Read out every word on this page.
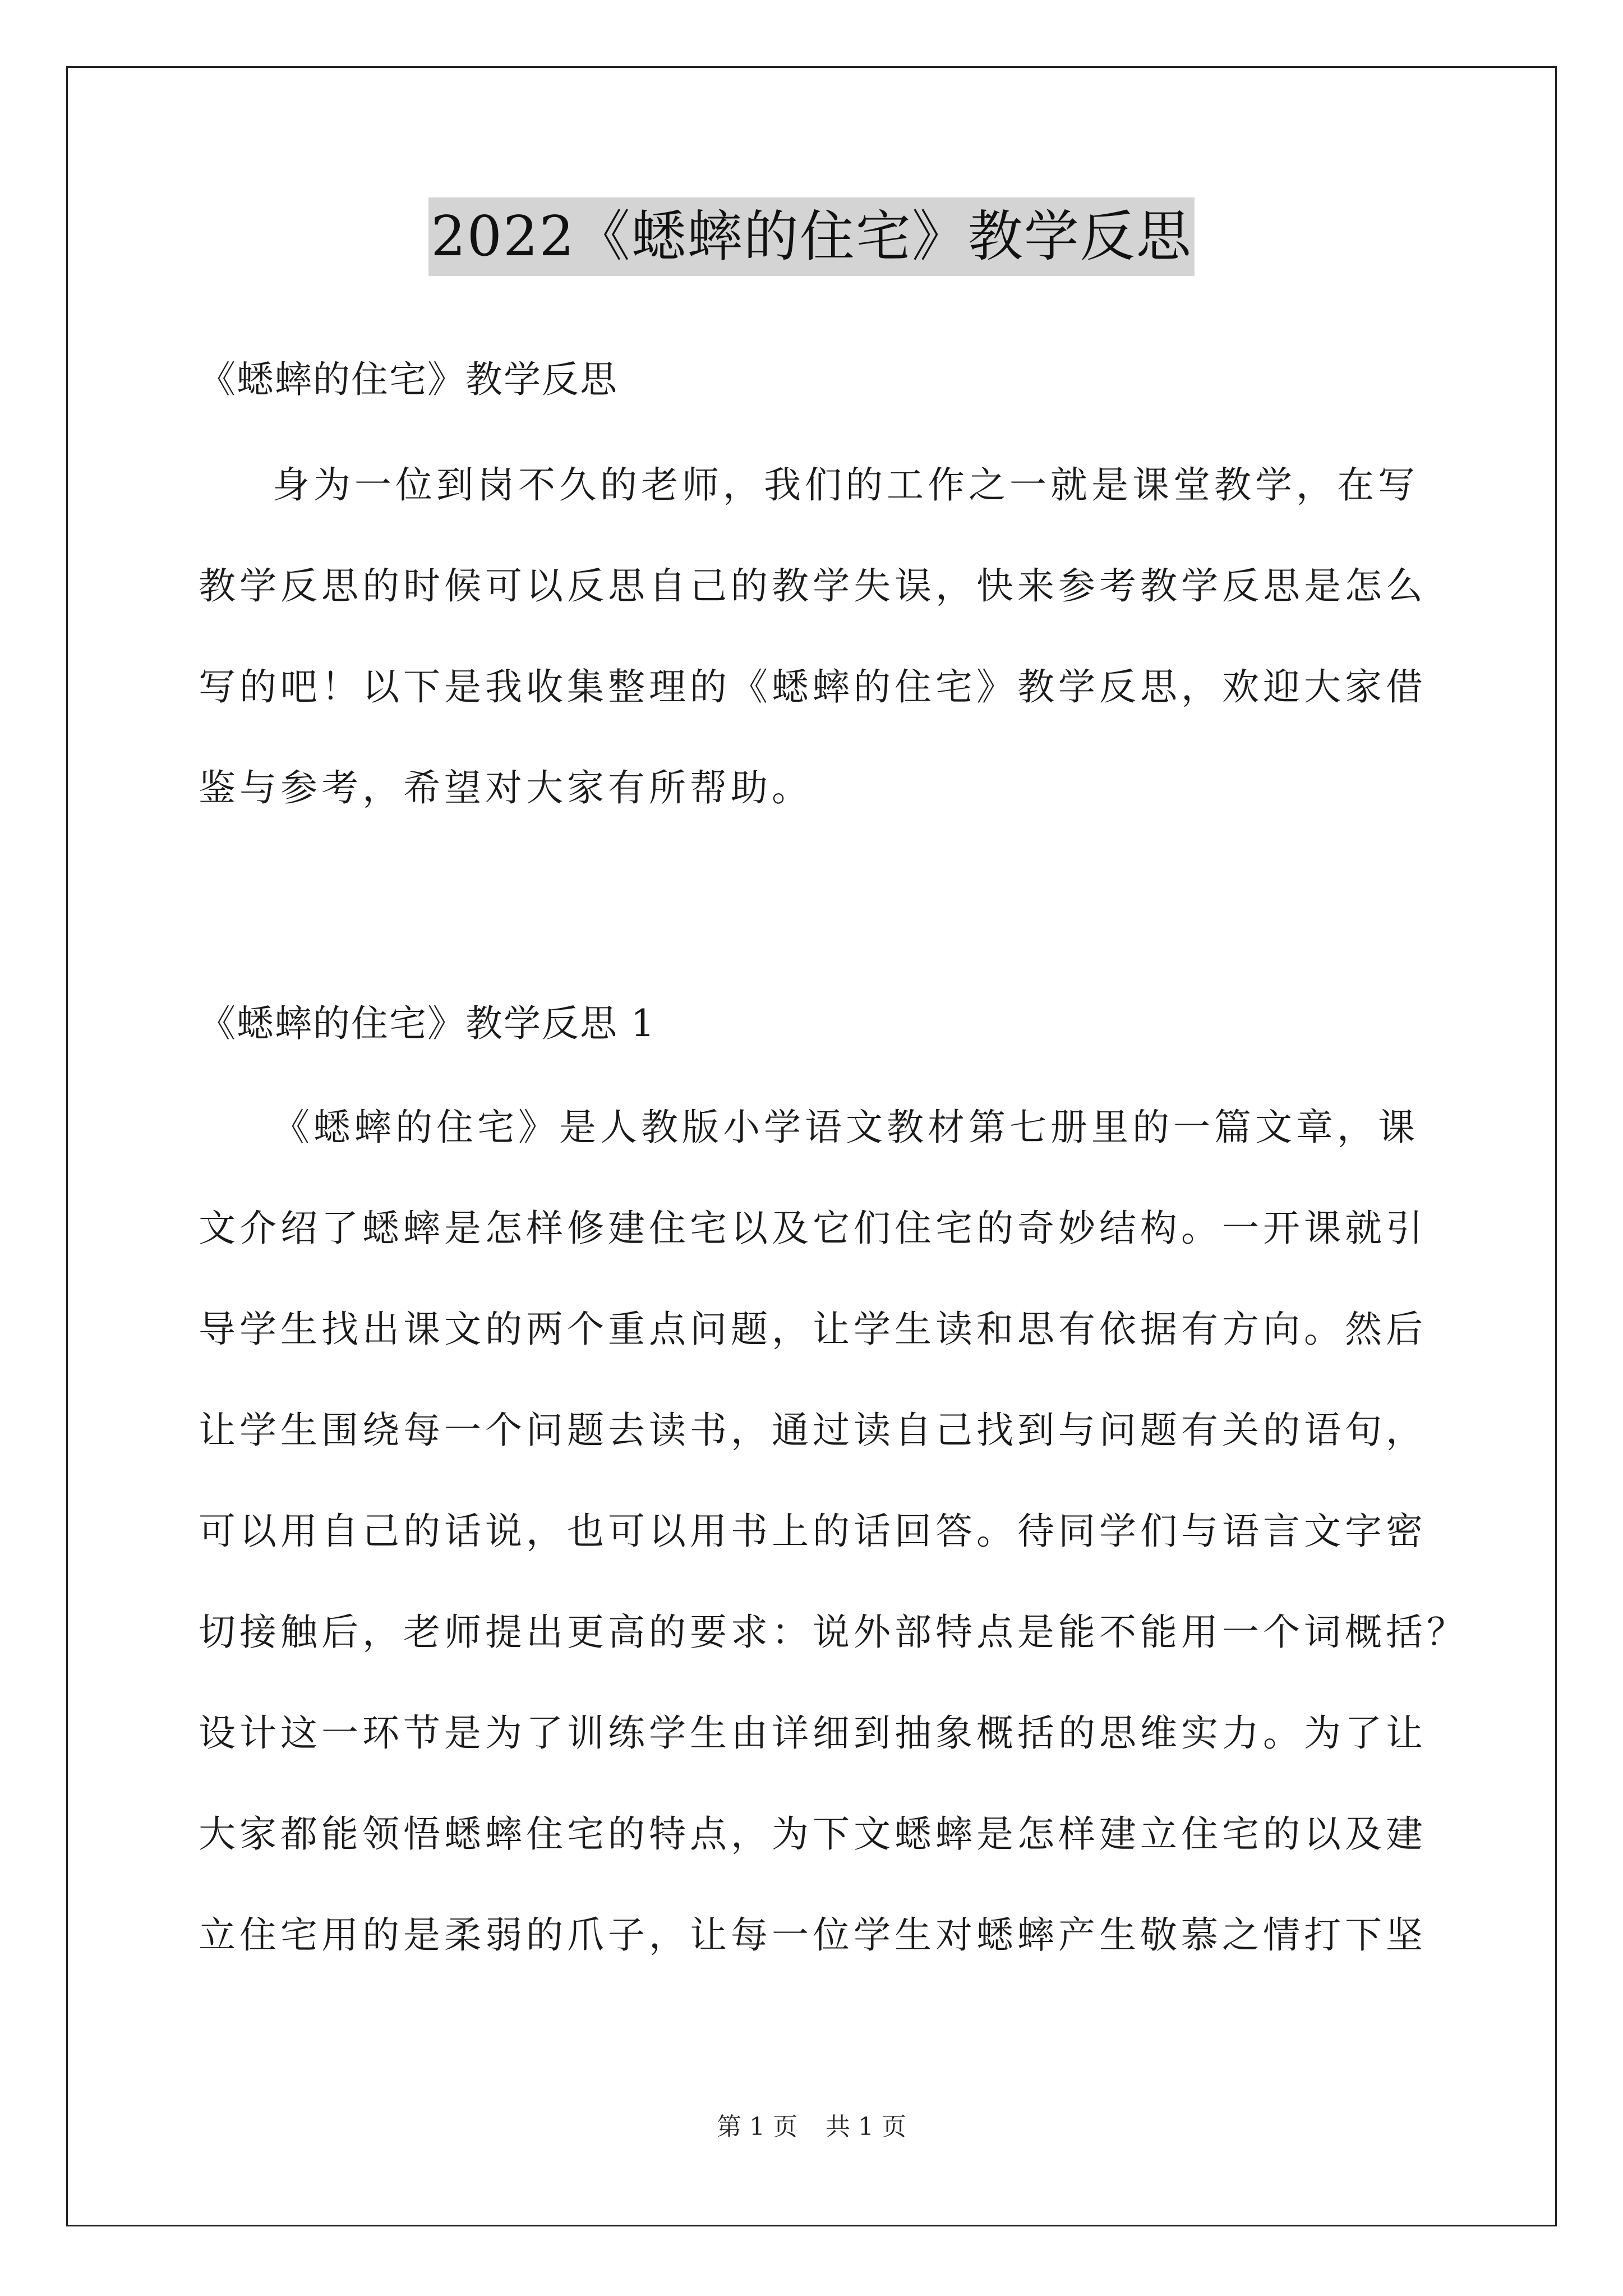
2022《蟋蟀的住宅》教学反思
《蟋蟀的住宅》教学反思
身为一位到岗不久的老师，我们的工作之一就是课堂教学，在写
教学反思的时候可以反思自己的教学失误，快来参考教学反思是怎么
写的吧！以下是我收集整理的《蟋蟀的住宅》教学反思，欢迎大家借
鉴与参考，希望对大家有所帮助。
《蟋蟀的住宅》教学反思 1
《蟋蟀的住宅》是人教版小学语文教材第七册里的一篇文章，课
文介绍了蟋蟀是怎样修建住宅以及它们住宅的奇妙结构。一开课就引
导学生找出课文的两个重点问题，让学生读和思有依据有方向。然后
让学生围绕每一个问题去读书，通过读自己找到与问题有关的语句，
可以用自己的话说，也可以用书上的话回答。待同学们与语言文字密
切接触后，老师提出更高的要求：说外部特点是能不能用一个词概括？
设计这一环节是为了训练学生由详细到抽象概括的思维实力。为了让
大家都能领悟蟋蟀住宅的特点，为下文蟋蟀是怎样建立住宅的以及建
立住宅用的是柔弱的爪子，让每一位学生对蟋蟀产生敬慕之情打下坚
第 1 页 共 1 页
